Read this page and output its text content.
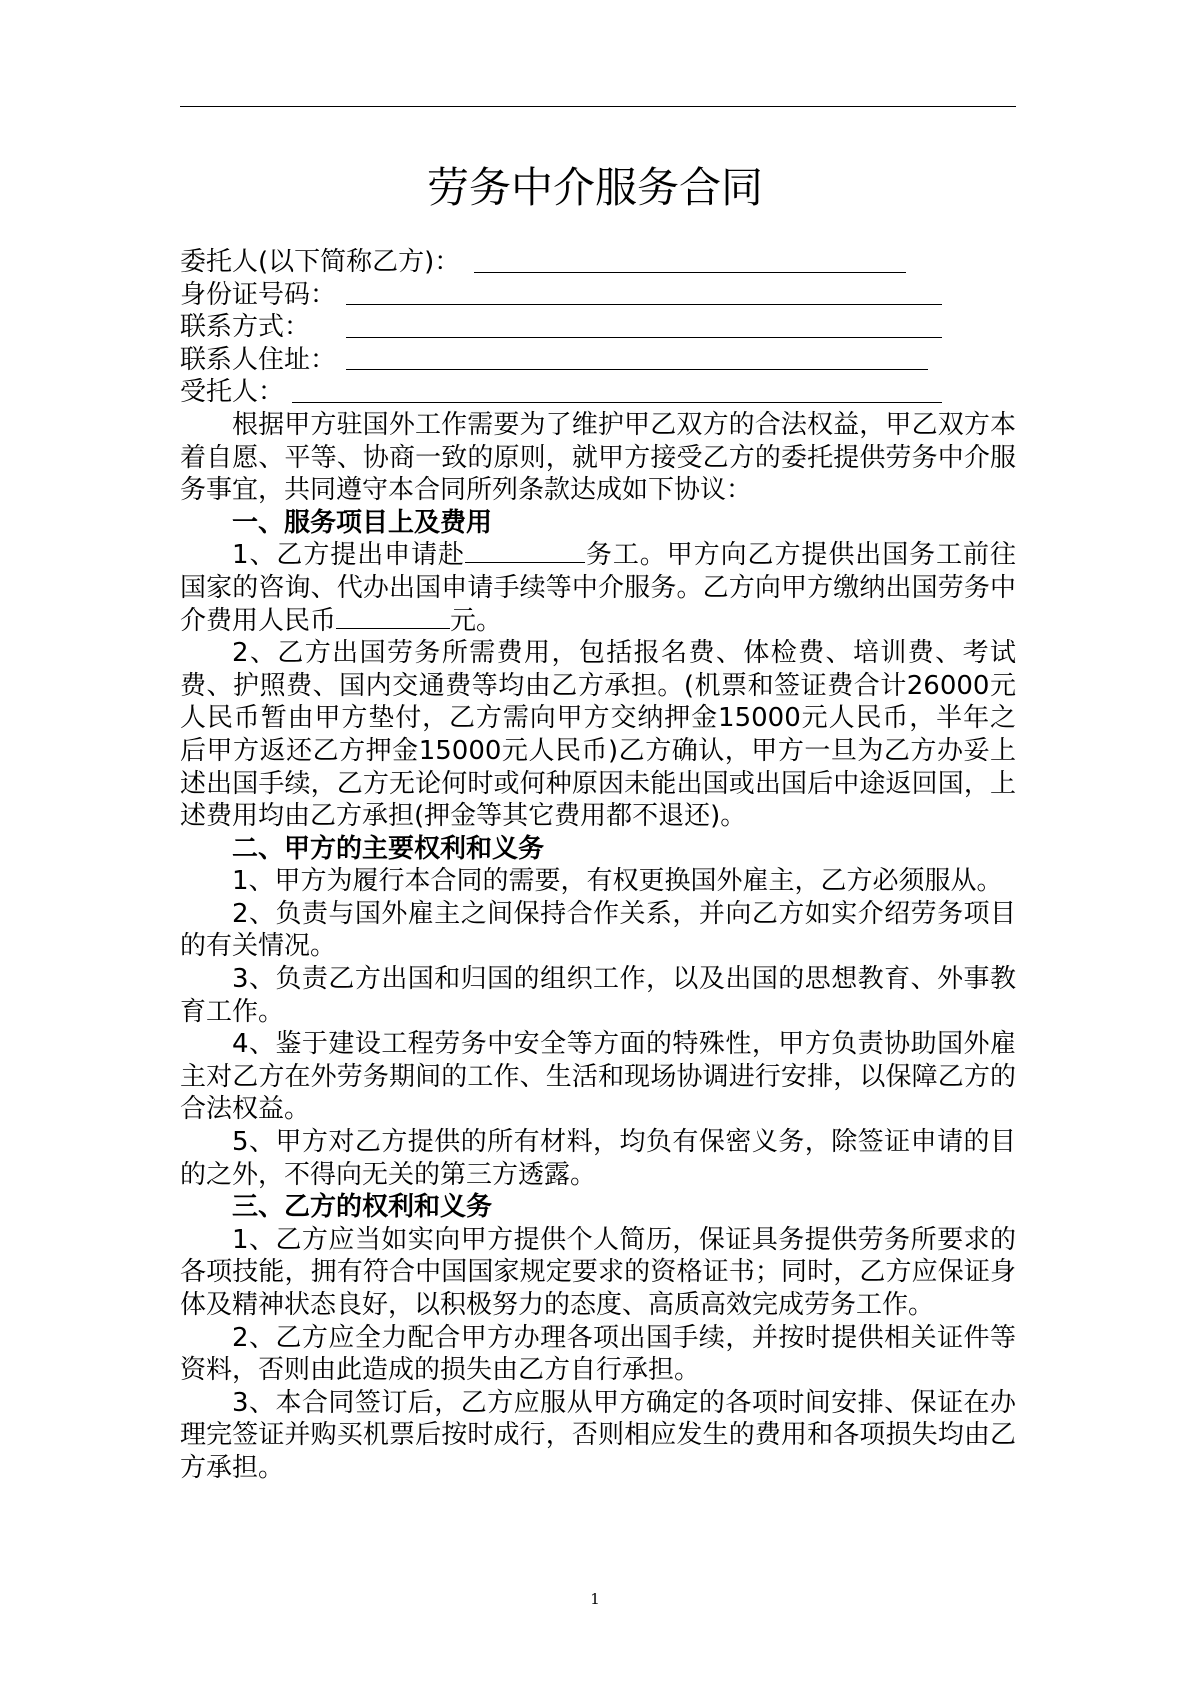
劳务中介服务合同
委托人(以下简称乙方)：
身份证号码：
联系方式：
联系人住址：
受托人：

根据甲方驻国外工作需要为了维护甲乙双方的合法权益，甲乙双方本着自愿、平等、协商一致的原则，就甲方接受乙方的委托提供劳务中介服务事宜，共同遵守本合同所列条款达成如下协议：

一、服务项目上及费用

1、乙方提出申请赴	务工。甲方向乙方提供出国务工前往国家的咨询、代办出国申请手续等中介服务。乙方向甲方缴纳出国劳务中介费用人民币	元。

2、乙方出国劳务所需费用，包括报名费、体检费、培训费、考试费、护照费、国内交通费等均由乙方承担。(机票和签证费合计26000元人民币暂由甲方垫付，乙方需向甲方交纳押金15000元人民币，半年之后甲方返还乙方押金15000元人民币)乙方确认，甲方一旦为乙方办妥上述出国手续，乙方无论何时或何种原因未能出国或出国后中途返回国，上述费用均由乙方承担(押金等其它费用都不退还)。

二、甲方的主要权利和义务

1、甲方为履行本合同的需要，有权更换国外雇主，乙方必须服从。

2、负责与国外雇主之间保持合作关系，并向乙方如实介绍劳务项目的有关情况。

3、负责乙方出国和归国的组织工作，以及出国的思想教育、外事教育工作。

4、鉴于建设工程劳务中安全等方面的特殊性，甲方负责协助国外雇主对乙方在外劳务期间的工作、生活和现场协调进行安排，以保障乙方的合法权益。

5、甲方对乙方提供的所有材料，均负有保密义务，除签证申请的目的之外，不得向无关的第三方透露。

三、乙方的权利和义务

1、乙方应当如实向甲方提供个人简历，保证具务提供劳务所要求的各项技能，拥有符合中国国家规定要求的资格证书；同时，乙方应保证身体及精神状态良好，以积极努力的态度、高质高效完成劳务工作。

2、乙方应全力配合甲方办理各项出国手续，并按时提供相关证件等资料，否则由此造成的损失由乙方自行承担。

3、本合同签订后，乙方应服从甲方确定的各项时间安排、保证在办理完签证并购买机票后按时成行，否则相应发生的费用和各项损失均由乙方承担。

1
